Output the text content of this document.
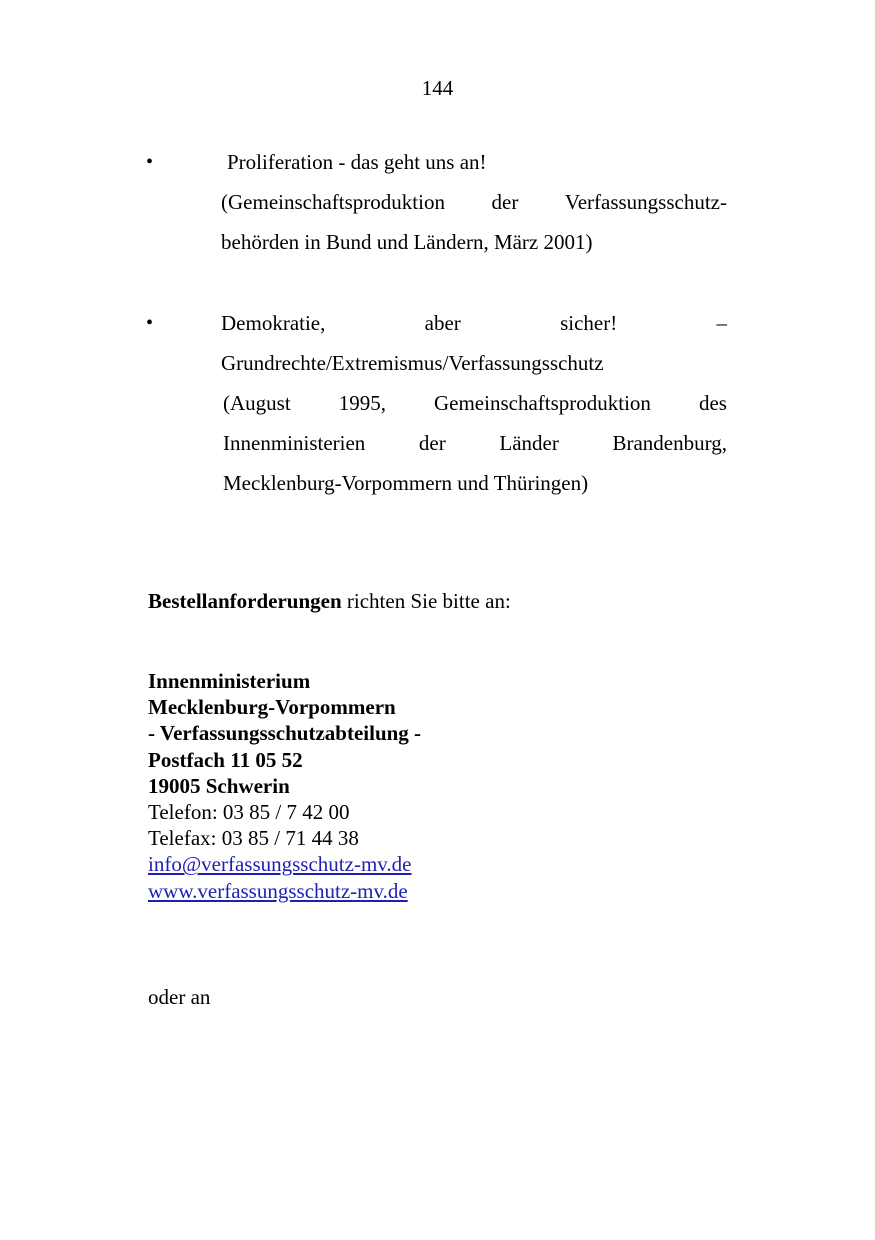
144
•	Proliferation - das geht uns an!
(Gemeinschaftsproduktion der Verfassungsschutz-
behörden in Bund und Ländern, März 2001)
•	Demokratie,	aber	sicher!	–
Grundrechte/Extremismus/Verfassungsschutz
(August 1995, Gemeinschaftsproduktion des
Innenministerien	der	Länder	Brandenburg,
Mecklenburg-Vorpommern und Thüringen)
Bestellanforderungen richten Sie bitte an:
Innenministerium
Mecklenburg-Vorpommern
- Verfassungsschutzabteilung -
Postfach 11 05 52
19005 Schwerin
Telefon: 03 85 / 7 42 00
Telefax: 03 85 / 71 44 38
info@verfassungsschutz-mv.de
www.verfassungsschutz-mv.de
oder an
